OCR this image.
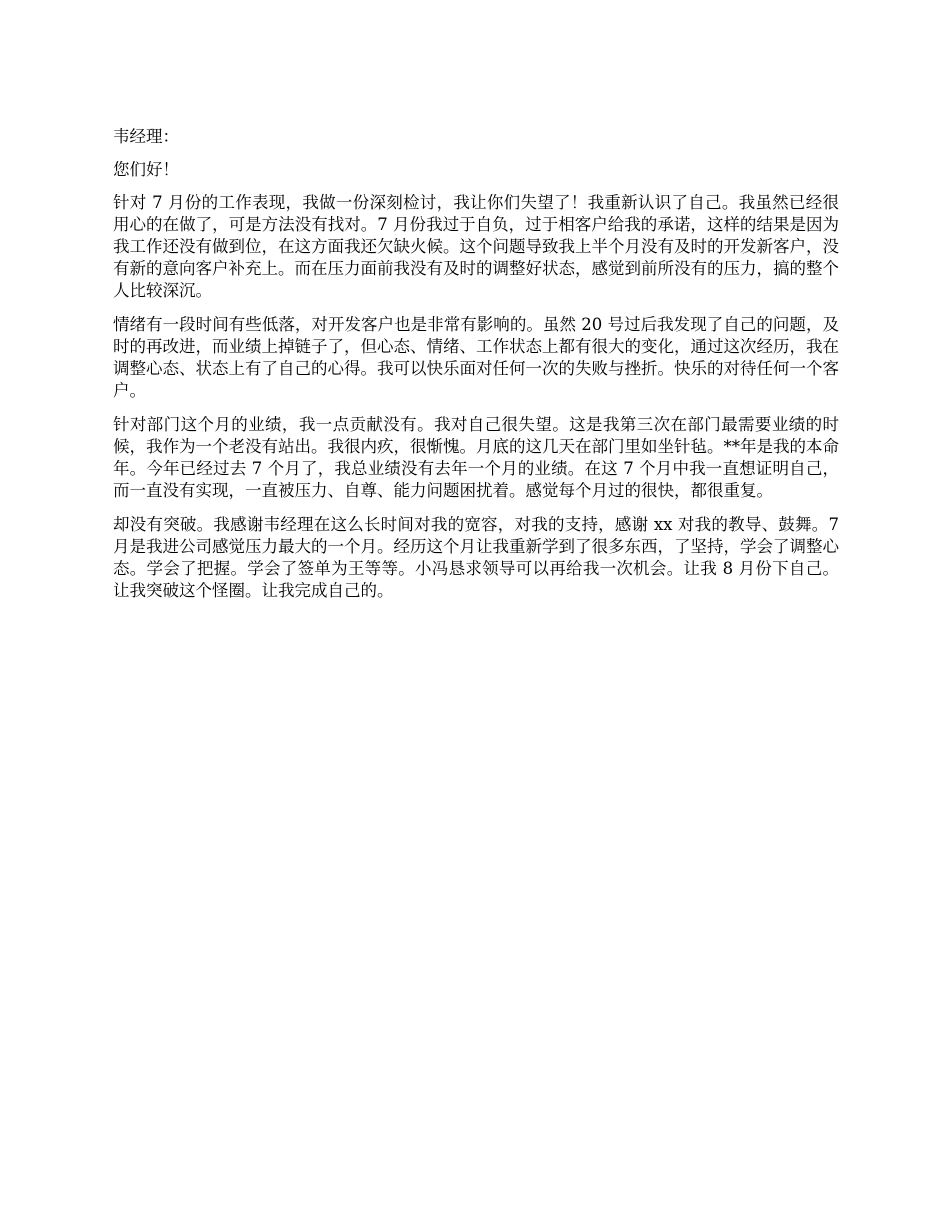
韦经理：

您们好！

针对 7 月份的工作表现，我做一份深刻检讨，我让你们失望了！我重新认识了自己。我虽然已经很用心的在做了，可是方法没有找对。7 月份我过于自负，过于相客户给我的承诺，这样的结果是因为我工作还没有做到位，在这方面我还欠缺火候。这个问题导致我上半个月没有及时的开发新客户，没有新的意向客户补充上。而在压力面前我没有及时的调整好状态，感觉到前所没有的压力，搞的整个人比较深沉。

情绪有一段时间有些低落，对开发客户也是非常有影响的。虽然 20 号过后我发现了自己的问题，及时的再改进，而业绩上掉链子了，但心态、情绪、工作状态上都有很大的变化，通过这次经历，我在调整心态、状态上有了自己的心得。我可以快乐面对任何一次的失败与挫折。快乐的对待任何一个客户。

针对部门这个月的业绩，我一点贡献没有。我对自己很失望。这是我第三次在部门最需要业绩的时候，我作为一个老没有站出。我很内疚，很惭愧。月底的这几天在部门里如坐针毡。**年是我的本命年。今年已经过去 7 个月了，我总业绩没有去年一个月的业绩。在这 7 个月中我一直想证明自己，而一直没有实现，一直被压力、自尊、能力问题困扰着。感觉每个月过的很快，都很重复。

却没有突破。我感谢韦经理在这么长时间对我的宽容，对我的支持，感谢 xx 对我的教导、鼓舞。7 月是我进公司感觉压力最大的一个月。经历这个月让我重新学到了很多东西，了坚持，学会了调整心态。学会了把握。学会了签单为王等等。小冯恳求领导可以再给我一次机会。让我 8 月份下自己。让我突破这个怪圈。让我完成自己的。
